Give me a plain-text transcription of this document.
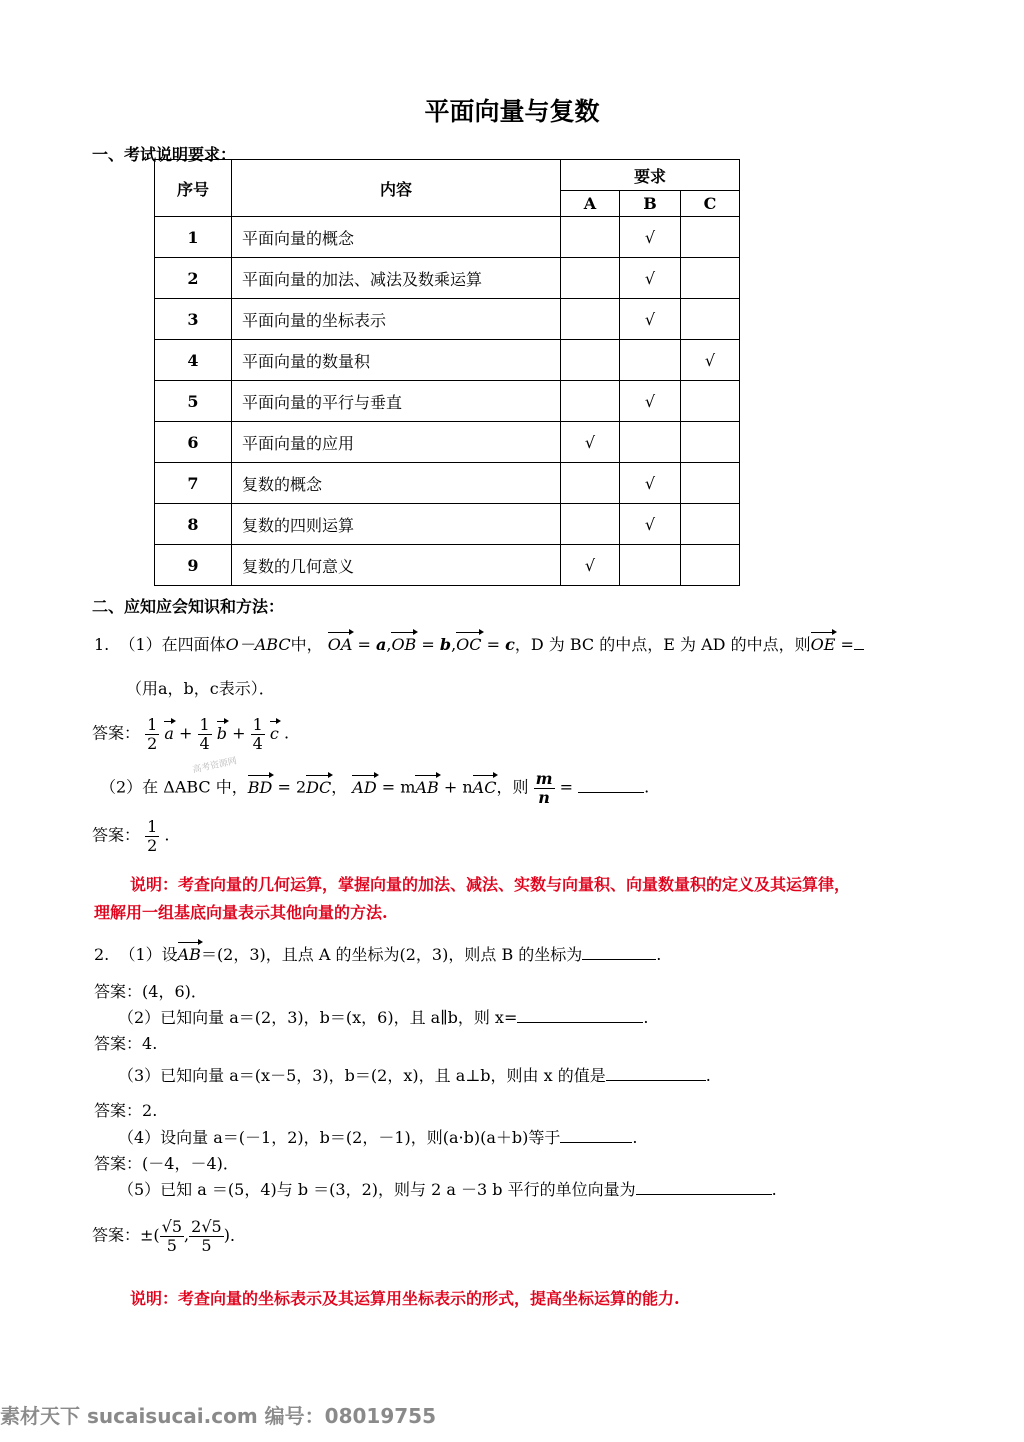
平面向量与复数
一、考试说明要求：
序号	内容	要求		
		A	B	C
1	平面向量的概念		√	
2	平面向量的加法、减法及数乘运算		√	
3	平面向量的坐标表示		√	
4	平面向量的数量积			√
5	平面向量的平行与垂直		√	
6	平面向量的应用	√		
7	复数的概念		√	
8	复数的四则运算		√	
9	复数的几何意义	√		
二、应知应会知识和方法：
1. （1）在四面体O－ABC中， OA = a,OB = b,OC = c，D 为 BC 的中点，E 为 AD 的中点，则OE =
（用a，b，c表示）．
答案： $\frac{1}{2}$ $a + \frac{1}{4}$ $b + \frac{1}{4}$ c .
高考资源网
（2）在 ΔABC 中，BD = 2DC， AD = mAB + nAC，则 $\frac{m}{n}$ =	.
答案： $\frac{1}{2}$ .
说明：考查向量的几何运算，掌握向量的加法、减法、实数与向量积、向量数量积的定义及其运算律，
理解用一组基底向量表示其他向量的方法.
2. （1）设AB＝(2，3)，且点 A 的坐标为(2，3)，则点 B 的坐标为	.
答案：(4，6)．
（2）已知向量 a＝(2，3)，b＝(x，6)，且 a∥b，则 x=	.
答案：4.
（3）已知向量 a＝(x－5，3)，b＝(2，x)，且 a⊥b，则由 x 的值是	.
答案：2.
（4）设向量 a＝(－1，2)，b＝(2，－1)，则(a·b)(a＋b)等于	.
答案：(－4，－4)．
（5）已知 a ＝(5，4)与 b ＝(3，2)，则与 2 a －3 b 平行的单位向量为	.
答案：±( $\frac{√5}{5}$ , $\frac{2√5}{5}$ )．
说明：考查向量的坐标表示及其运算用坐标表示的形式，提高坐标运算的能力.
素材天下 sucaisucai.com 编号：08019755
